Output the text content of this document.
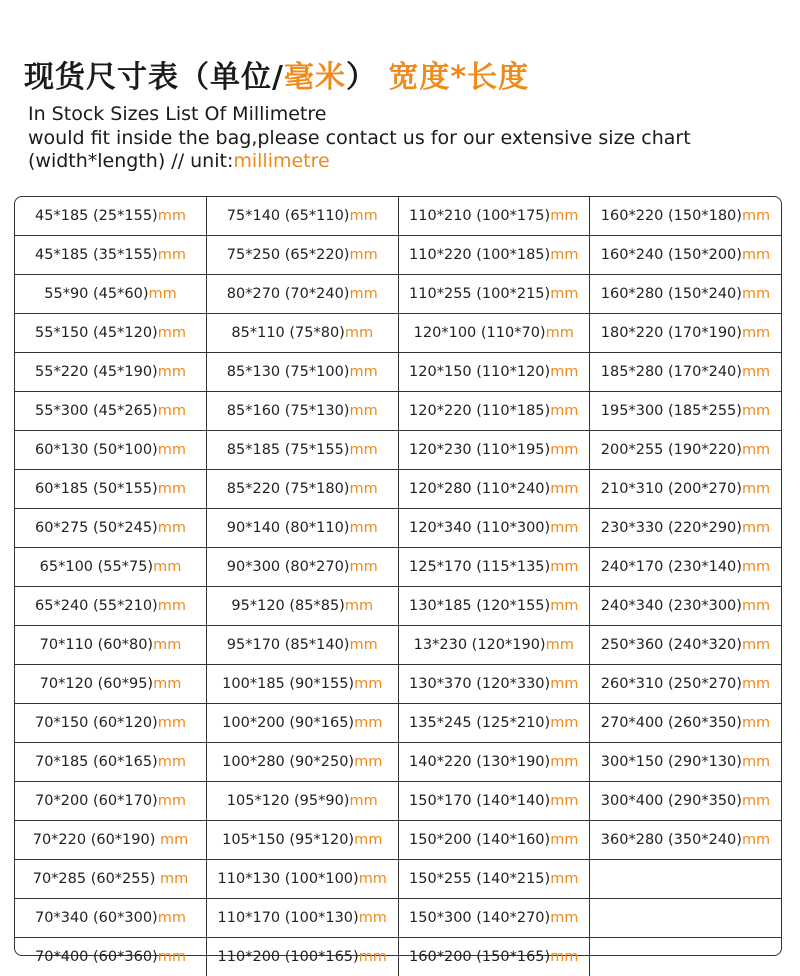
现货尺寸表（单位/毫米） 宽度*长度
In Stock Sizes List Of Millimetre
would fit inside the bag,please contact us for our extensive size chart
(width*length) // unit:millimetre
45*185 (25*155)mm	75*140 (65*110)mm	110*210 (100*175)mm	160*220 (150*180)mm
45*185 (35*155)mm	75*250 (65*220)mm	110*220 (100*185)mm	160*240 (150*200)mm
55*90 (45*60)mm	80*270 (70*240)mm	110*255 (100*215)mm	160*280 (150*240)mm
55*150 (45*120)mm	85*110 (75*80)mm	120*100 (110*70)mm	180*220 (170*190)mm
55*220 (45*190)mm	85*130 (75*100)mm	120*150 (110*120)mm	185*280 (170*240)mm
55*300 (45*265)mm	85*160 (75*130)mm	120*220 (110*185)mm	195*300 (185*255)mm
60*130 (50*100)mm	85*185 (75*155)mm	120*230 (110*195)mm	200*255 (190*220)mm
60*185 (50*155)mm	85*220 (75*180)mm	120*280 (110*240)mm	210*310 (200*270)mm
60*275 (50*245)mm	90*140 (80*110)mm	120*340 (110*300)mm	230*330 (220*290)mm
65*100 (55*75)mm	90*300 (80*270)mm	125*170 (115*135)mm	240*170 (230*140)mm
65*240 (55*210)mm	95*120 (85*85)mm	130*185 (120*155)mm	240*340 (230*300)mm
70*110 (60*80)mm	95*170 (85*140)mm	13*230 (120*190)mm	250*360 (240*320)mm
70*120 (60*95)mm	100*185 (90*155)mm	130*370 (120*330)mm	260*310 (250*270)mm
70*150 (60*120)mm	100*200 (90*165)mm	135*245 (125*210)mm	270*400 (260*350)mm
70*185 (60*165)mm	100*280 (90*250)mm	140*220 (130*190)mm	300*150 (290*130)mm
70*200 (60*170)mm	105*120 (95*90)mm	150*170 (140*140)mm	300*400 (290*350)mm
70*220 (60*190) mm	105*150 (95*120)mm	150*200 (140*160)mm	360*280 (350*240)mm
70*285 (60*255) mm	110*130 (100*100)mm	150*255 (140*215)mm	
70*340 (60*300)mm	110*170 (100*130)mm	150*300 (140*270)mm	
70*400 (60*360)mm	110*200 (100*165)mm	160*200 (150*165)mm	
